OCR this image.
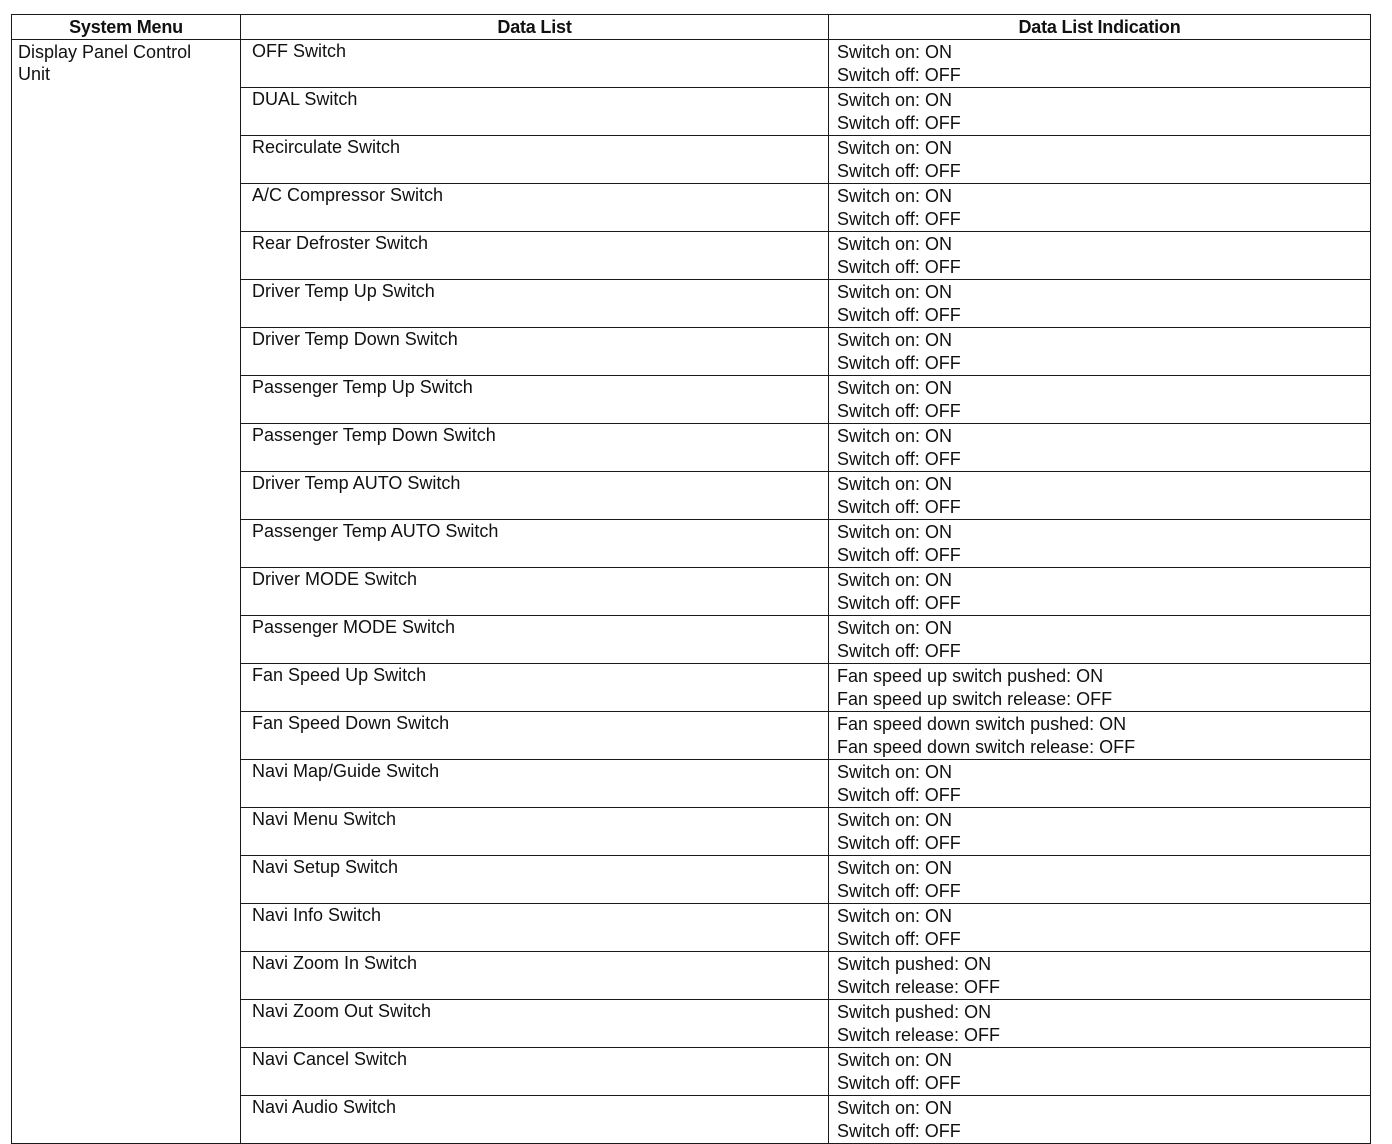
System Menu	Data List	Data List Indication
Display Panel Control
Unit	OFF Switch	Switch on: ON
Switch off: OFF

	DUAL Switch	Switch on: ON
Switch off: OFF

	Recirculate Switch	Switch on: ON
Switch off: OFF

	A/C Compressor Switch	Switch on: ON
Switch off: OFF

	Rear Defroster Switch	Switch on: ON
Switch off: OFF

	Driver Temp Up Switch	Switch on: ON
Switch off: OFF

	Driver Temp Down Switch	Switch on: ON
Switch off: OFF

	Passenger Temp Up Switch	Switch on: ON
Switch off: OFF

	Passenger Temp Down Switch	Switch on: ON
Switch off: OFF

	Driver Temp AUTO Switch	Switch on: ON
Switch off: OFF

	Passenger Temp AUTO Switch	Switch on: ON
Switch off: OFF

	Driver MODE Switch	Switch on: ON
Switch off: OFF

	Passenger MODE Switch	Switch on: ON
Switch off: OFF

	Fan Speed Up Switch	Fan speed up switch pushed: ON
Fan speed up switch release: OFF

	Fan Speed Down Switch	Fan speed down switch pushed: ON
Fan speed down switch release: OFF

	Navi Map/Guide Switch	Switch on: ON
Switch off: OFF

	Navi Menu Switch	Switch on: ON
Switch off: OFF

	Navi Setup Switch	Switch on: ON
Switch off: OFF

	Navi Info Switch	Switch on: ON
Switch off: OFF

	Navi Zoom In Switch	Switch pushed: ON
Switch release: OFF

	Navi Zoom Out Switch	Switch pushed: ON
Switch release: OFF

	Navi Cancel Switch	Switch on: ON
Switch off: OFF

	Navi Audio Switch	Switch on: ON
Switch off: OFF
